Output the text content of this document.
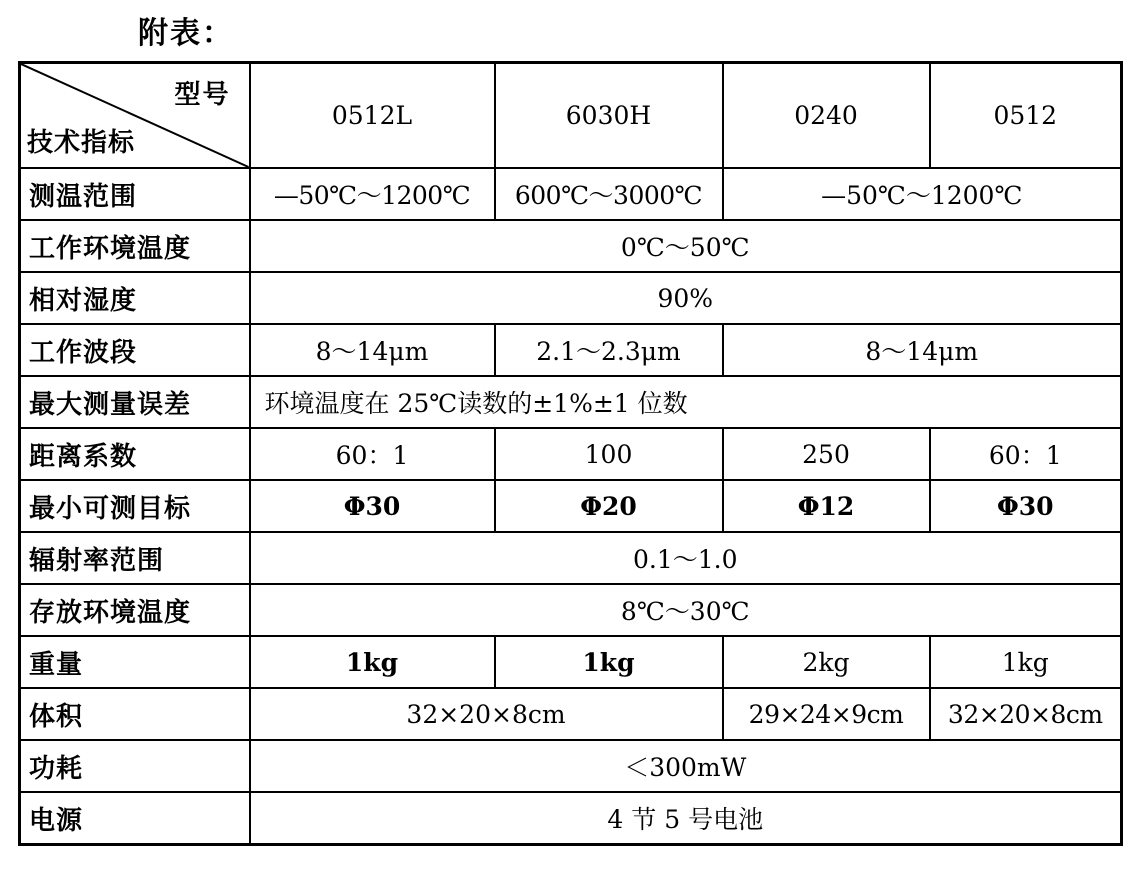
附表：
型号
技术指标	0512L	6030H	0240	0512
测温范围	—50℃～1200℃	600℃～3000℃	—50℃～1200℃	
工作环境温度	0℃～50℃			
相对湿度	90%			
工作波段	8～14μm	2.1～2.3μm	8～14μm	
最大测量误差	环境温度在 25℃读数的±1%±1 位数			
距离系数	60：1	100	250	60：1
最小可测目标	Φ30	Φ20	Φ12	Φ30
辐射率范围	0.1～1.0			
存放环境温度	8℃～30℃			
重量	1kg	1kg	2kg	1kg
体积	32×20×8cm		29×24×9cm	32×20×8cm
功耗	＜300mW			
电源	4 节 5 号电池			
